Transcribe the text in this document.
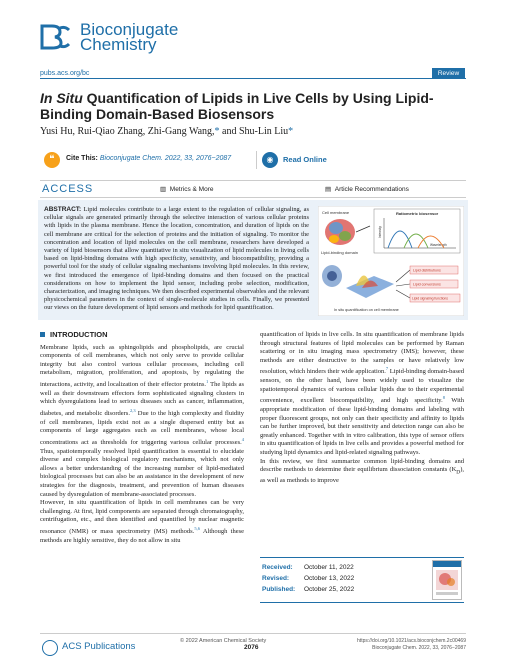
Bioconjugate
Chemistry
pubs.acs.org/bc	Review
In Situ Quantification of Lipids in Live Cells by Using Lipid-Binding Domain-Based Biosensors
Yusi Hu, Rui-Qiao Zhang, Zhi-Gang Wang,* and Shu-Lin Liu*
❝	Cite This: Bioconjugate Chem. 2022, 33, 2076−2087	◉	Read Online
ACCESS	▥ Metrics & More	▤ Article Recommendations
ABSTRACT: Lipid molecules contribute to a large extent to the regulation of cellular signaling, as cellular signals are generated primarily through the selective interaction of various cellular proteins with lipids in the plasma membrane. Hence the location, concentration, and duration of lipids on the cell membrane are critical for the selection of proteins and the initiation of signaling. To monitor the concentration and location of lipid molecules on the cell membrane, researchers have developed a variety of lipid biosensors that allow quantitative in situ visualization of lipid molecules in living cells based on lipid-binding domains with high specificity, sensitivity, and biocompatibility, providing a powerful tool for the study of cellular signaling mechanisms involving lipid molecules. In this review, we first introduced the emergence of lipid-binding domains and then focused on the practical considerations on how to implement the lipid sensor, including probe selection, modification, characterization, and imaging techniques. We then described experimental observables and the relevant physicochemical parameters in the context of single-molecule studies in cells. Finally, we presented our views on the future development of lipid sensors and methods for lipid quantification.
Cell membrane
Lipid-binding domain
Ratiometric biosensor
Intensity
Wavelength
Lipid distributions
Lipid conversions
Lipid signaling functions
In situ quantification on cell membrane
INTRODUCTION

Membrane lipids, such as sphingolipids and phospholipids, are crucial components of cell membranes, which not only serve to provide cellular integrity but also control various cellular processes, including cell metabolism, migration, proliferation, and apoptosis, by regulating the interactions, activity, and localization of their effector proteins.$^1$ The lipids as well as their downstream effectors form sophisticated signaling clusters in which dysregulations lead to serious diseases such as cancer, inflammation, diabetes, and metabolic disorders.$^{2,3}$ Due to the high complexity and fluidity of cell membranes, lipids exist not as a single dispersed entity but as components of large aggregates such as cell membranes, whose local concentrations act as thresholds for triggering various cellular processes.$^4$ Thus, spatiotemporally resolved lipid quantification is essential to elucidate diverse and complex biological regulatory mechanisms, which not only allows a better understanding of the increasing number of lipid-mediated biological processes but can also be an assistance in the development of new strategies for the diagnosis, treatment, and prevention of human diseases caused by dysregulation of membrane-associated processes.

However, in situ quantification of lipids in cell membranes can be very challenging. At first, lipid components are separated through chromatography, centrifugation, etc., and then identified and quantified by nuclear magnetic resonance (NMR) or mass spectrometry (MS) methods.$^{5,6}$ Although these methods are highly sensitive, they do not allow in situ

quantification of lipids in live cells. In situ quantification of membrane lipids through structural features of lipid molecules can be performed by Raman scattering or in situ imaging mass spectrometry (IMS); however, these methods are either destructive to the samples or have relatively low resolution, which hinders their wide application.$^7$ Lipid-binding domain-based sensors, on the other hand, have been widely used to visualize the spatiotemporal dynamics of various cellular lipids due to their experimental convenience, excellent biocompatibility, and high specificity.$^8$ With appropriate modification of these lipid-binding domains and labeling with proper fluorescent groups, not only can their specificity and affinity to lipids can be further improved, but their sensitivity and detection range can also be greatly enhanced. Together with in vitro calibration, this type of sensor offers in situ quantification of lipids in live cells and provides a powerful method for studying lipid dynamics and lipid-related signaling pathways.

In this review, we first summarize common lipid-binding domains and describe methods to determine their equilibrium dissociation constants $(K_D)$, as well as methods to improve

Received: October 11, 2022
Revised: October 13, 2022
Published: October 25, 2022
ACS Publications	© 2022 American Chemical Society
2076
https://doi.org/10.1021/acs.bioconjchem.2c00469
Bioconjugate Chem. 2022, 33, 2076−2087
